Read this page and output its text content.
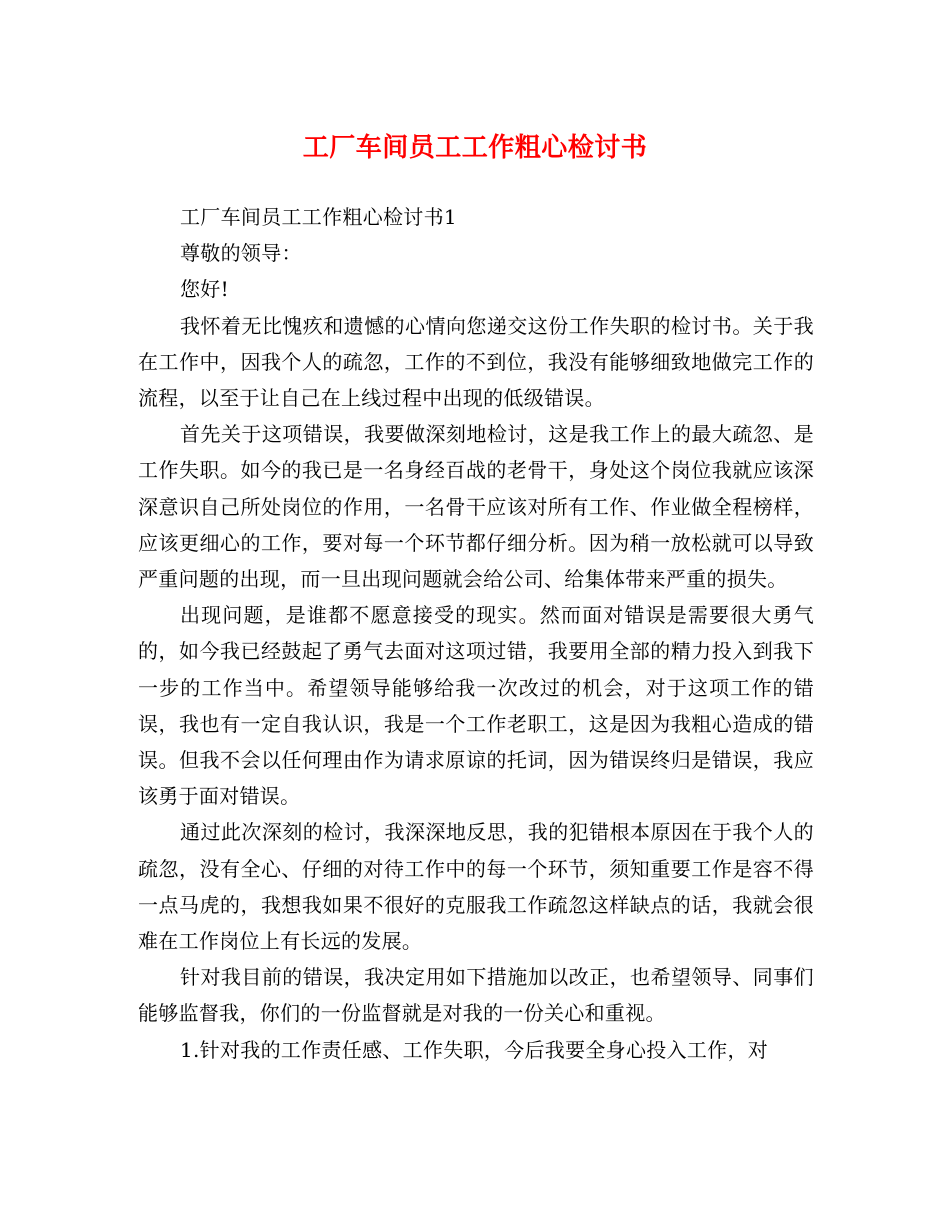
工厂车间员工工作粗心检讨书

工厂车间员工工作粗心检讨书1

尊敬的领导：

您好!

我怀着无比愧疚和遗憾的心情向您递交这份工作失职的检讨书。关于我在工作中，因我个人的疏忽，工作的不到位，我没有能够细致地做完工作的流程，以至于让自己在上线过程中出现的低级错误。

首先关于这项错误，我要做深刻地检讨，这是我工作上的最大疏忽、是工作失职。如今的我已是一名身经百战的老骨干，身处这个岗位我就应该深深意识自己所处岗位的作用，一名骨干应该对所有工作、作业做全程榜样，应该更细心的工作，要对每一个环节都仔细分析。因为稍一放松就可以导致严重问题的出现，而一旦出现问题就会给公司、给集体带来严重的损失。

出现问题，是谁都不愿意接受的现实。然而面对错误是需要很大勇气的，如今我已经鼓起了勇气去面对这项过错，我要用全部的精力投入到我下一步的工作当中。希望领导能够给我一次改过的机会，对于这项工作的错误，我也有一定自我认识，我是一个工作老职工，这是因为我粗心造成的错误。但我不会以任何理由作为请求原谅的托词，因为错误终归是错误，我应该勇于面对错误。

通过此次深刻的检讨，我深深地反思，我的犯错根本原因在于我个人的疏忽，没有全心、仔细的对待工作中的每一个环节，须知重要工作是容不得一点马虎的，我想我如果不很好的克服我工作疏忽这样缺点的话，我就会很难在工作岗位上有长远的发展。

针对我目前的错误，我决定用如下措施加以改正，也希望领导、同事们能够监督我，你们的一份监督就是对我的一份关心和重视。

1.针对我的工作责任感、工作失职，今后我要全身心投入工作，对
